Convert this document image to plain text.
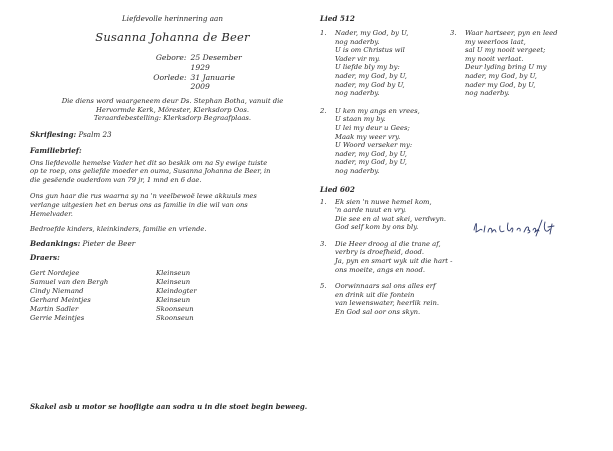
Liefdevolle herinnering aan
Susanna Johanna de Beer
Gebore: 25 Desember 1929
Oorlede: 31 Januarie 2009
Die diens word waargeneem deur Ds. Stephan Botha, vanuit die
Hervormde Kerk, Môrester, Klerksdorp Oos.
Teraardebestelling: Klerksdorp Begraafplaas.
Skriflesing: Psalm 23
Familiebrief:
Ons liefdevolle hemelse Vader het dit so beskik om na Sy ewige tuiste
op te roep, ons geliefde moeder en ouma, Susanna Johanna de Beer, in
die gesëende ouderdom van 79 jr, 1 mnd en 6 dae.
Ons gun haar die rus waarna sy na 'n veelbewoë lewe akkuuls mes
verlange uitgesien het en berus ons as familie in die wil van ons
Hemelvader.
Bedroefde kinders, kleinkinders, familie en vriende.
Bedankings: Pieter de Beer
Draers:
Gert Nordejee	Kleinseun
Samuel van den Bergh	Kleinseun
Cindy Niemand	Kleindogter
Gerhard Meintjes	Kleinseun
Martin Sadler	Skoonseun
Gerrie Meintjes	Skoonseun
Skakel asb u motor se hoofligte aan sodra u in die stoet begin beweeg.
Lied 512
1.	Nader, my God, by U,
nog naderby.
U is om Christus wil
Vader vir my.
U liefde bly my by:
nader, my God, by U,
nader, my God by U,
nog naderby.
2.	U ken my angs en vrees,
U staan my by.
U lei my deur u Gees;
Maak my weer vry.
U Woord verseker my:
nader, my God, by U,
nader, my God, by U,
nog naderby.
3.	Waar hartseer, pyn en leed
my weerloos laat,
sal U my nooit vergeet;
my nooit verlaat.
Deur lyding bring U my
nader, my God, by U,
nader my God, by U,
nog naderby.
Lied 602
1.	Ek sien 'n nuwe hemel kom,
'n aarde nuut en vry.
Die see en al wat skei, verdwyn.
God self kom by ons bly.
3.	Die Heer droog al die trane af,
verbry is droefheid, dood.
Ja, pyn en smart wyk uit die hart -
ons moeite, angs en nood.
5.	Oorwinnaars sal ons alles erf
en drink uit die fontein
van lewenswater, heerlik rein.
En God sal oor ons skyn.
